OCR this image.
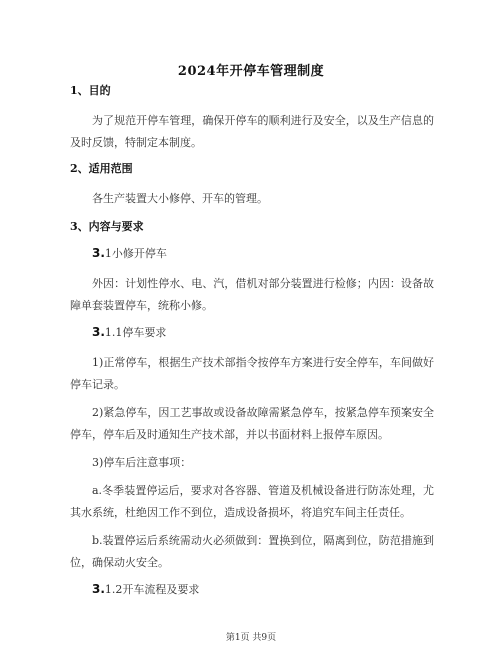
2024年开停车管理制度
1、目的
为了规范开停车管理，确保开停车的顺利进行及安全，以及生产信息的及时反馈，特制定本制度。
2、适用范围
各生产装置大小修停、开车的管理。
3、内容与要求
3.1小修开停车
外因：计划性停水、电、汽，借机对部分装置进行检修；内因：设备故障单套装置停车，统称小修。
3.1.1停车要求
1)正常停车，根据生产技术部指令按停车方案进行安全停车，车间做好停车记录。
2)紧急停车，因工艺事故或设备故障需紧急停车，按紧急停车预案安全停车，停车后及时通知生产技术部，并以书面材料上报停车原因。
3)停车后注意事项：
a.冬季装置停运后，要求对各容器、管道及机械设备进行防冻处理，尤其水系统，杜绝因工作不到位，造成设备损坏，将追究车间主任责任。
b.装置停运后系统需动火必须做到：置换到位，隔离到位，防范措施到位，确保动火安全。
3.1.2开车流程及要求
第1页 共9页
